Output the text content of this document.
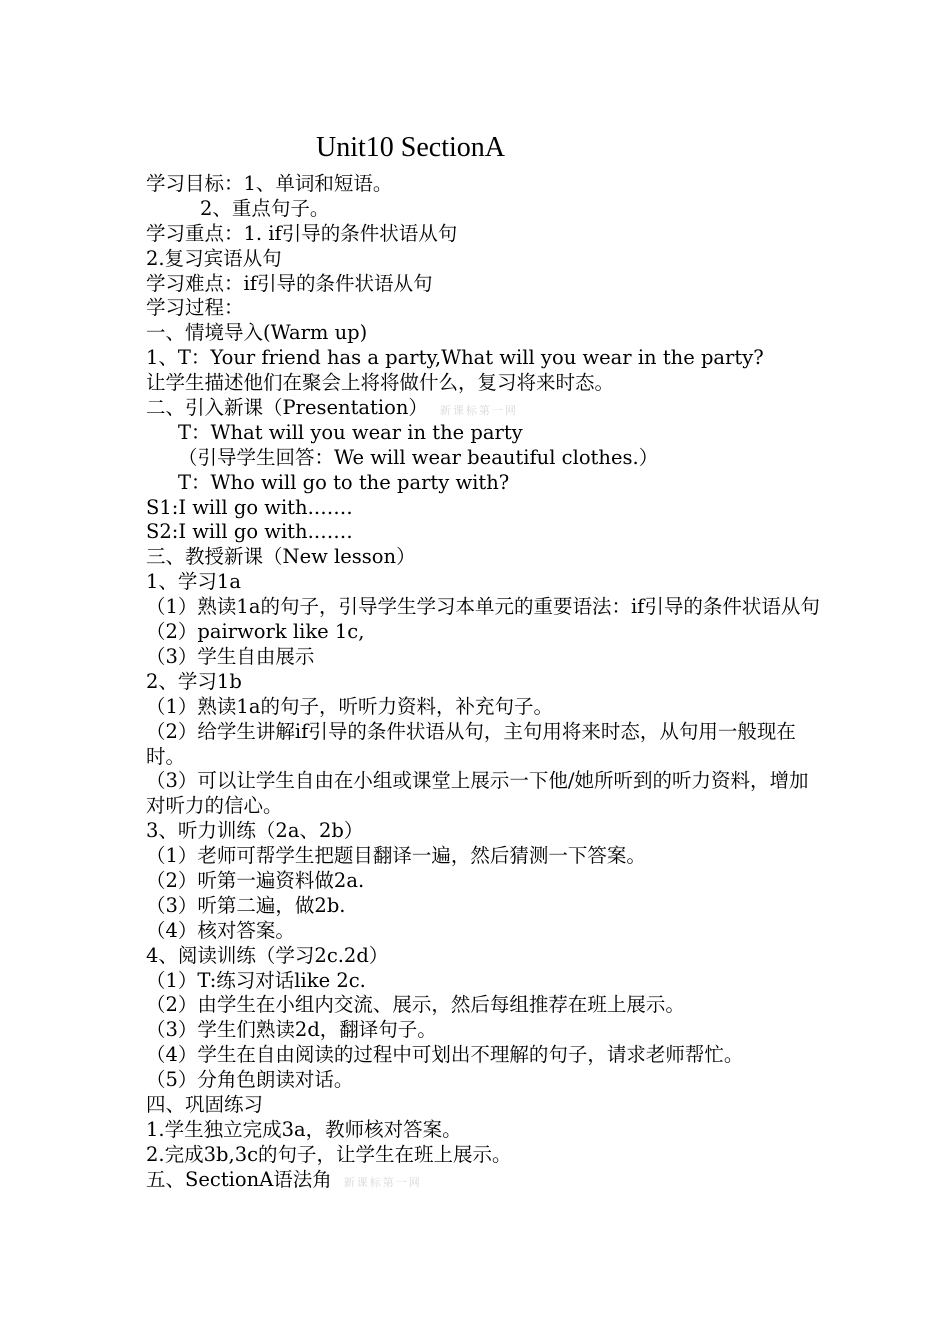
Unit10 SectionA
学习目标：1、单词和短语。
2、重点句子。
学习重点：1. if引导的条件状语从句
2.复习宾语从句
学习难点：if引导的条件状语从句
学习过程：
一、情境导入(Warm up)
1、T：Your friend has a party,What will you wear in the party?
让学生描述他们在聚会上将将做什么，复习将来时态。
二、引入新课（Presentation） 新课标第一网
T：What will you wear in the party
（引导学生回答：We will wear beautiful clothes.）
T：Who will go to the party with?
S1:I will go with.……
S2:I will go with.……
三、教授新课（New lesson）
1、学习1a
（1）熟读1a的句子，引导学生学习本单元的重要语法：if引导的条件状语从句
（2）pairwork like 1c,
（3）学生自由展示
2、学习1b
（1）熟读1a的句子，听听力资料，补充句子。
（2）给学生讲解if引导的条件状语从句，主句用将来时态，从句用一般现在时。
（3）可以让学生自由在小组或课堂上展示一下他/她所听到的听力资料，增加对听力的信心。
3、听力训练（2a、2b）
（1）老师可帮学生把题目翻译一遍，然后猜测一下答案。
（2）听第一遍资料做2a.
（3）听第二遍，做2b.
（4）核对答案。
4、阅读训练（学习2c.2d）
（1）T:练习对话like 2c.
（2）由学生在小组内交流、展示，然后每组推荐在班上展示。
（3）学生们熟读2d，翻译句子。
（4）学生在自由阅读的过程中可划出不理解的句子，请求老师帮忙。
（5）分角色朗读对话。
四、巩固练习
1.学生独立完成3a，教师核对答案。
2.完成3b,3c的句子，让学生在班上展示。
五、SectionA语法角 新课标第一网
